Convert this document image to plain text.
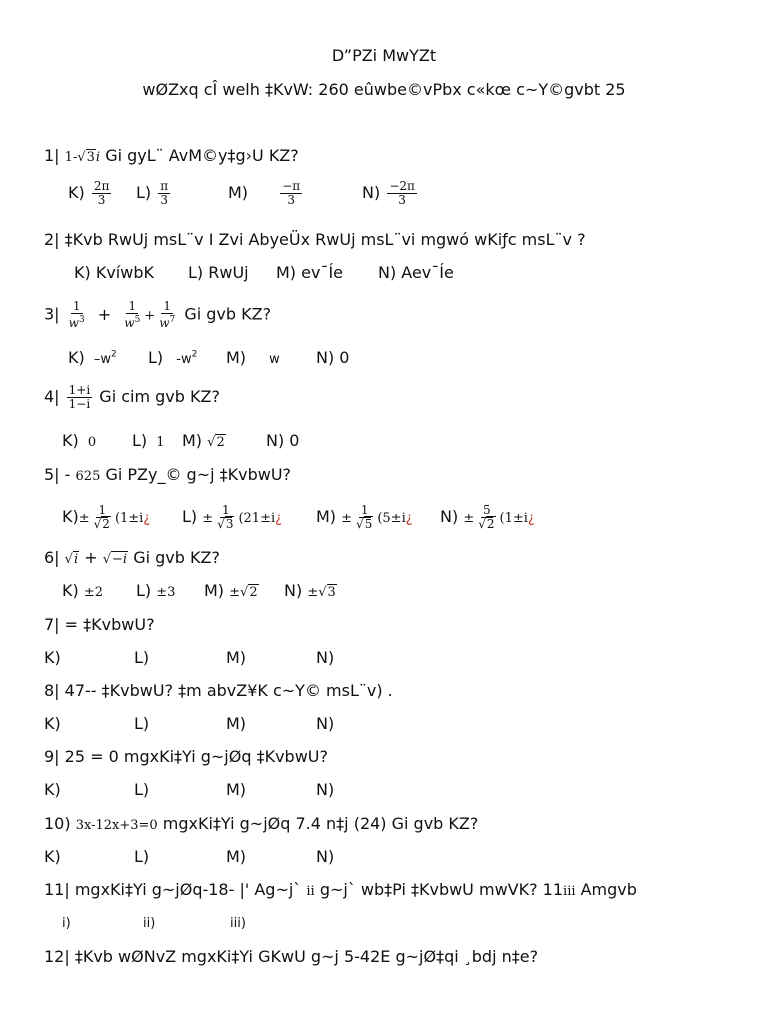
D”PZi MwYZt
wØZxq cÎ welh ‡KvW: 260 eûwbe©vPbx c«kœ c~Y©gvbt 25
1| 1-√3i Gi gyL¨ AvM©y‡g›U KZ?
$K) \frac{2\pi}{3} L) \frac{\pi}{3}$	M)	$\frac{-\pi}{3}$	$N) \frac{-2\pi}{3}$
2| ‡Kvb RwUj msL¨v I Zvi AbyeÜx RwUj msL¨vi mgwó wKiƒc msL¨v ?
K) KvíwbK L) RwUj M) ev¯Íe N) Aev¯Íe
$3| \frac{1}{w^3} + \frac{1}{w^5} + \frac{1}{w^7}$ Gi gvb KZ?
K) $-w^2$ L) $-w^2$ M) w N) 0
$4| \frac{1+i}{1-i}$ Gi cim gvb KZ?
K) 0 L) 1 M) √2	N) 0
5| - 625 Gi PZy_© g~j ‡KvbwU?
$K)\pm \frac{1}{√2}$ (1±i¿ $L) \pm \frac{1}{√3}$ (21±i¿ $M) \pm \frac{1}{√5}$ (5±i¿ $N) \pm \frac{5}{√2}$ (1±i¿
6| √i + √−i Gi gvb KZ?
K) ±2 L) ±3 M) ±√2 N) ±√3
7| = ‡KvbwU?
K)	L)	M)	N)
8| 47-- ‡KvbwU? ‡m abvZ¥K c~Y© msL¨v) .
K)	L)	M)	N)
9| 25 = 0 mgxKi‡Yi g~jØq ‡KvbwU?
K)	L)	M)	N)
10) 3x-12x+3=0 mgxKi‡Yi g~jØq 7.4 n‡j (24) Gi gvb KZ?
K)	L)	M)	N)
11| mgxKi‡Yi g~jØq-18- |' Ag~j` ii g~j` wb‡Pi ‡KvbwU mwVK? 11iii Amgvb
i)	ii)	iii)
12| ‡Kvb wØNvZ mgxKi‡Yi GKwU g~j 5-42E g~jØ‡qi ¸bdj n‡e?
